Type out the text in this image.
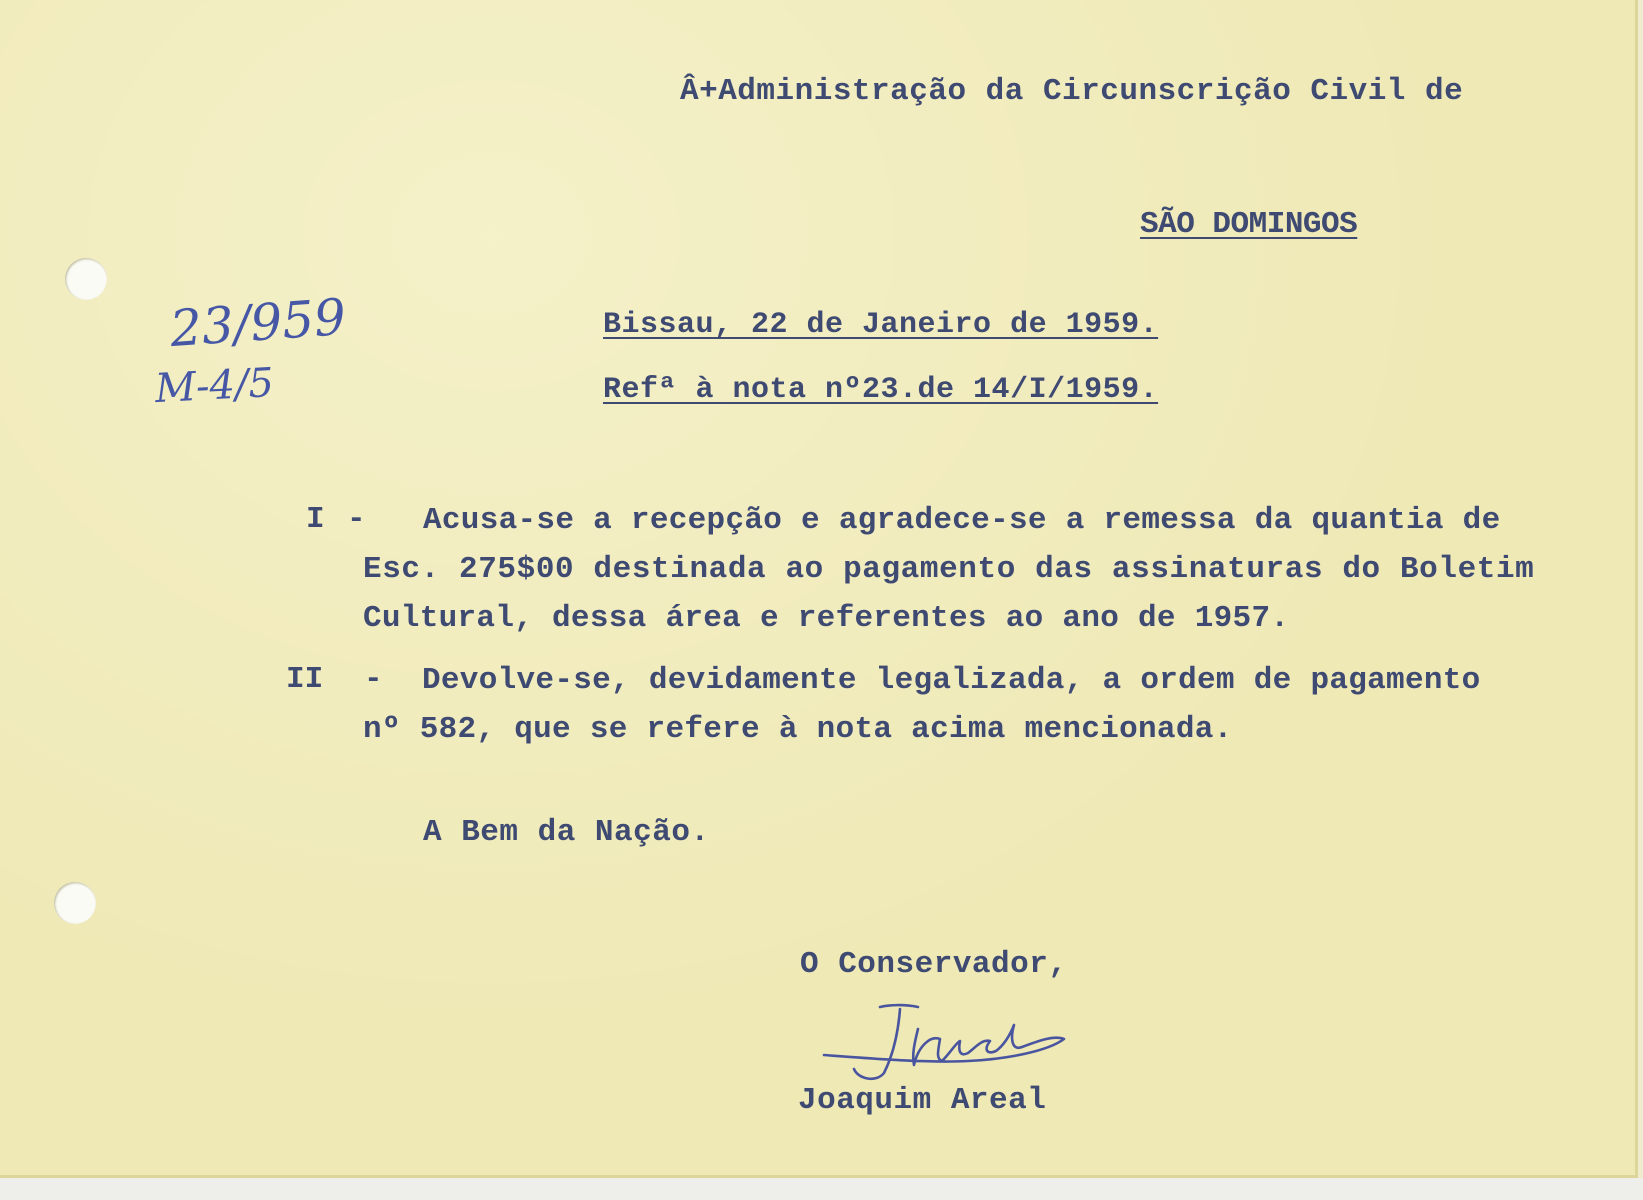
Â+Administração da Circunscrição Civil de
SÃO DOMINGOS
23/959
M-4/5
Bissau, 22 de Janeiro de 1959.
Refª à nota nº23.de 14/I/1959.
I -	Acusa-se a recepção e agradece-se a remessa da quantia de
Esc. 275$00 destinada ao pagamento das assinaturas do Boletim
Cultural, dessa área e referentes ao ano de 1957.
II -	Devolve-se, devidamente legalizada, a ordem de pagamento
nº 582, que se refere à nota acima mencionada.
A Bem da Nação.
O Conservador,
Joaquim Areal
